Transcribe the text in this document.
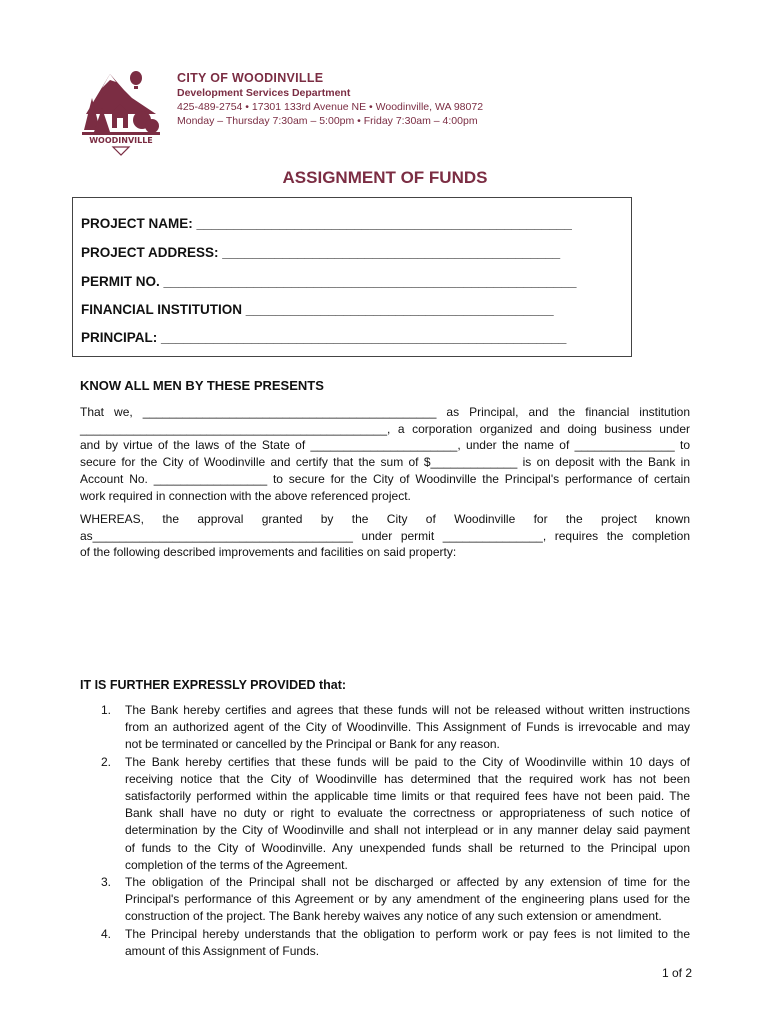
WOODINVILLE
CITY OF WOODINVILLE
Development Services Department
425-489-2754 • 17301 133rd Avenue NE • Woodinville, WA 98072
Monday – Thursday 7:30am – 5:00pm • Friday 7:30am – 4:00pm
ASSIGNMENT OF FUNDS
PROJECT NAME: __________________________________________________
PROJECT ADDRESS: _____________________________________________
PERMIT NO. _______________________________________________________
FINANCIAL INSTITUTION _________________________________________
PRINCIPAL: ______________________________________________________
KNOW ALL MEN BY THESE PRESENTS
That we, ____________________________________________ as Principal, and the financial institution
______________________________________________, a corporation organized and doing business under
and by virtue of the laws of the State of ______________________, under the name of _______________ to
secure for the City of Woodinville and certify that the sum of $_____________ is on deposit with the Bank in
Account No. _________________ to secure for the City of Woodinville the Principal's performance of certain
work required in connection with the above referenced project.
WHEREAS, the approval granted by the City of Woodinville for the project known
as_______________________________________ under permit _______________, requires the completion
of the following described improvements and facilities on said property:
IT IS FURTHER EXPRESSLY PROVIDED that:
1. The Bank hereby certifies and agrees that these funds will not be released without written instructions
from an authorized agent of the City of Woodinville. This Assignment of Funds is irrevocable and may
not be terminated or cancelled by the Principal or Bank for any reason.
2. The Bank hereby certifies that these funds will be paid to the City of Woodinville within 10 days of
receiving notice that the City of Woodinville has determined that the required work has not been
satisfactorily performed within the applicable time limits or that required fees have not been paid. The
Bank shall have no duty or right to evaluate the correctness or appropriateness of such notice of
determination by the City of Woodinville and shall not interplead or in any manner delay said payment
of funds to the City of Woodinville. Any unexpended funds shall be returned to the Principal upon
completion of the terms of the Agreement.
3. The obligation of the Principal shall not be discharged or affected by any extension of time for the
Principal's performance of this Agreement or by any amendment of the engineering plans used for the
construction of the project. The Bank hereby waives any notice of any such extension or amendment.
4. The Principal hereby understands that the obligation to perform work or pay fees is not limited to the
amount of this Assignment of Funds.
1 of 2
